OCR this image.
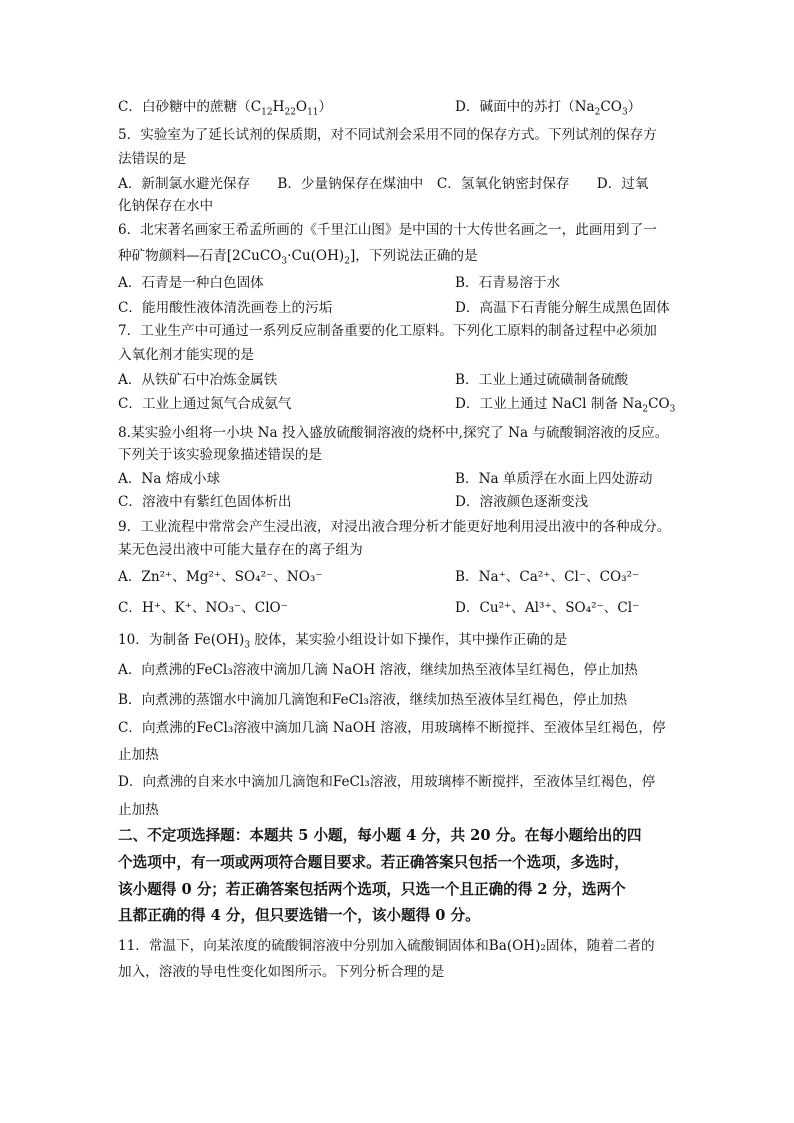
C．白砂糖中的蔗糖$(C_{12}H_{22}O_{11})$	D．碱面中的苏打$(Na_2CO_3)$
5．实验室为了延长试剂的保质期，对不同试剂会采用不同的保存方式。下列试剂的保存方
法错误的是
A．新制氯水避光保存　　B．少量钠保存在煤油中　C．氢氧化钠密封保存　　D．过氧
化钠保存在水中
6．北宋著名画家王希孟所画的《千里江山图》是中国的十大传世名画之一，此画用到了一
种矿物颜料—石青$[2CuCO_3\cdot Cu(OH)_2]$，下列说法正确的是
A．石青是一种白色固体	B．石青易溶于水
C．能用酸性液体清洗画卷上的污垢	D．高温下石青能分解生成黑色固体
7．工业生产中可通过一系列反应制备重要的化工原料。下列化工原料的制备过程中必须加
入氧化剂才能实现的是
A．从铁矿石中冶炼金属铁	B．工业上通过硫磺制备硫酸
C．工业上通过氮气合成氨气	D．工业上通过 NaCl 制备 $Na_2CO_3$
8.某实验小组将一小块 Na 投入盛放硫酸铜溶液的烧杯中,探究了 Na 与硫酸铜溶液的反应。
下列关于该实验现象描述错误的是
A．Na 熔成小球	B．Na 单质浮在水面上四处游动
C．溶液中有紫红色固体析出	D．溶液颜色逐渐变浅
9．工业流程中常常会产生浸出液，对浸出液合理分析才能更好地利用浸出液中的各种成分。
某无色浸出液中可能大量存在的离子组为
A．Zn²⁺、Mg²⁺、SO₄²⁻、NO₃⁻	B．Na⁺、Ca²⁺、Cl⁻、CO₃²⁻
C．H⁺、K⁺、NO₃⁻、ClO⁻	D．Cu²⁺、Al³⁺、SO₄²⁻、Cl⁻
10．为制备 $Fe(OH)_3$ 胶体，某实验小组设计如下操作，其中操作正确的是
A．向煮沸的FeCl₃溶液中滴加几滴 NaOH 溶液，继续加热至液体呈红褐色，停止加热
B．向煮沸的蒸馏水中滴加几滴饱和FeCl₃溶液，继续加热至液体呈红褐色，停止加热
C．向煮沸的FeCl₃溶液中滴加几滴 NaOH 溶液，用玻璃棒不断搅拌、至液体呈红褐色，停
止加热
D．向煮沸的自来水中滴加几滴饱和FeCl₃溶液，用玻璃棒不断搅拌，至液体呈红褐色，停
止加热
二、不定项选择题：本题共 5 小题，每小题 4 分，共 20 分。在每小题给出的四
个选项中，有一项或两项符合题目要求。若正确答案只包括一个选项，多选时，
该小题得 0 分；若正确答案包括两个选项，只选一个且正确的得 2 分，选两个
且都正确的得 4 分，但只要选错一个，该小题得 0 分。
11．常温下，向某浓度的硫酸铜溶液中分别加入硫酸铜固体和Ba(OH)₂固体，随着二者的
加入，溶液的导电性变化如图所示。下列分析合理的是
